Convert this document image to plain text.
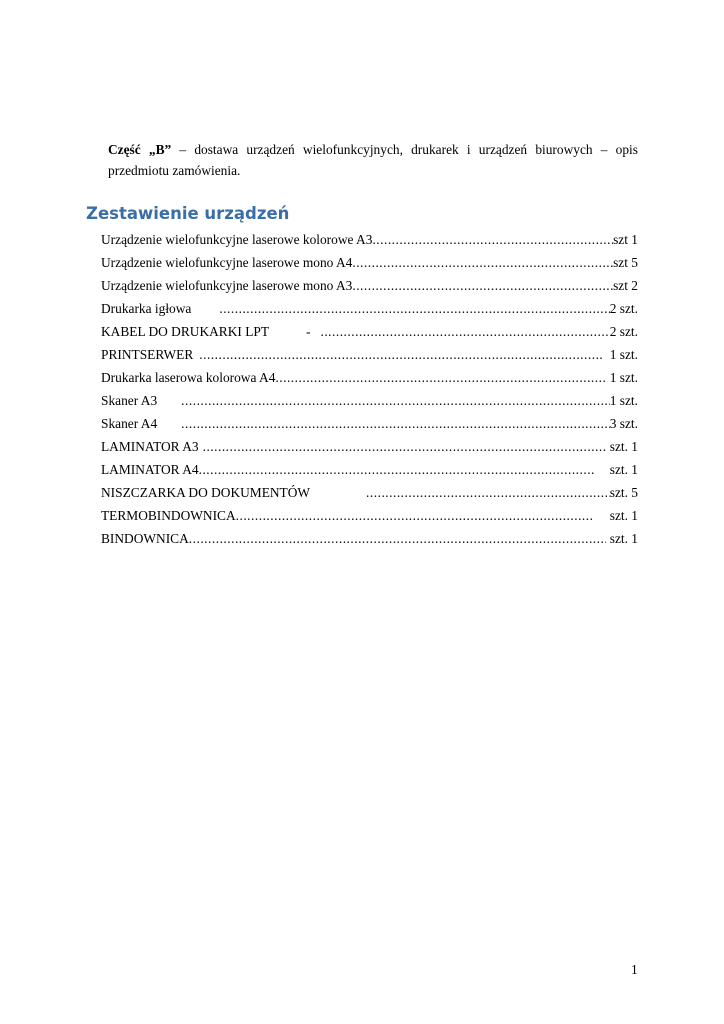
Część „B” – dostawa urządzeń wielofunkcyjnych, drukarek i urządzeń biurowych – opis przedmiotu zamówienia.
Zestawienie urządzeń
Urządzenie wielofunkcyjne laserowe kolorowe A3 .....	szt 1
Urządzenie wielofunkcyjne laserowe mono A4 .....	szt 5
Urządzenie wielofunkcyjne laserowe mono A3 .....	szt 2
Drukarka igłowa .....	2 szt.
KABEL DO DRUKARKI LPT	- .....	2 szt.
PRINTSERWER .....	1 szt.
Drukarka laserowa kolorowa A4 .....	1 szt.
Skaner A3 .....	1 szt.
Skaner A4 .....	3 szt.
LAMINATOR A3 .....	szt. 1
LAMINATOR A4 .....	szt. 1
NISZCZARKA DO DOKUMENTÓW .....	szt. 5
TERMOBINDOWNICA .....	szt. 1
BINDOWNICA .....	szt. 1
1
